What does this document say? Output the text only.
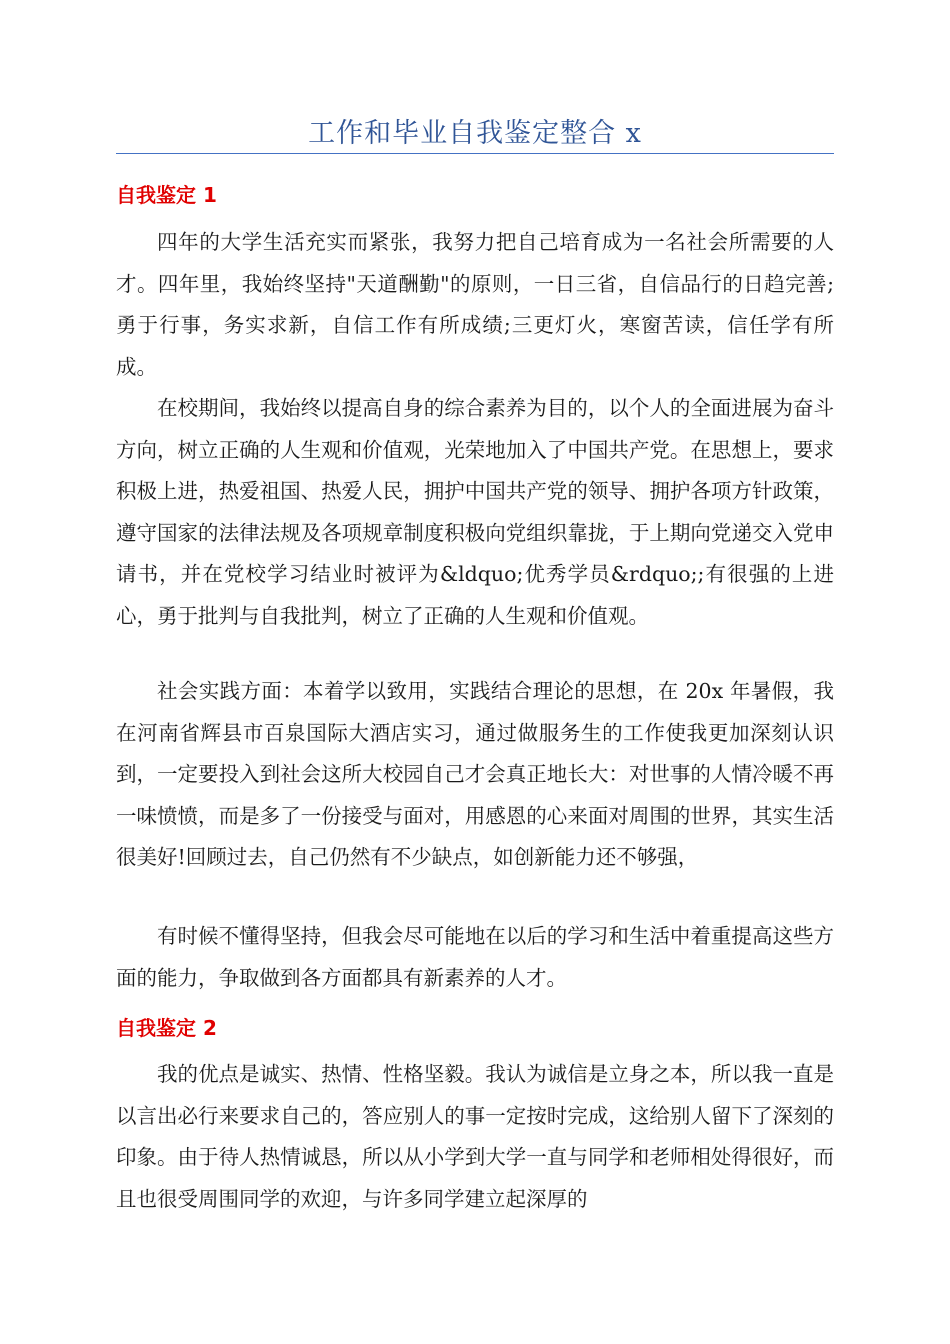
工作和毕业自我鉴定整合 x
自我鉴定 1

四年的大学生活充实而紧张，我努力把自己培育成为一名社会所需要的人才。四年里，我始终坚持"天道酬勤"的原则，一日三省，自信品行的日趋完善;勇于行事，务实求新，自信工作有所成绩;三更灯火，寒窗苦读，信任学有所成。

在校期间，我始终以提高自身的综合素养为目的，以个人的全面进展为奋斗方向，树立正确的人生观和价值观，光荣地加入了中国共产党。在思想上，要求积极上进，热爱祖国、热爱人民，拥护中国共产党的领导、拥护各项方针政策，遵守国家的法律法规及各项规章制度积极向党组织靠拢，于上期向党递交入党申请书，并在党校学习结业时被评为&ldquo;优秀学员&rdquo;;有很强的上进心，勇于批判与自我批判，树立了正确的人生观和价值观。

社会实践方面：本着学以致用，实践结合理论的思想，在 20x 年暑假，我在河南省辉县市百泉国际大酒店实习，通过做服务生的工作使我更加深刻认识到，一定要投入到社会这所大校园自己才会真正地长大：对世事的人情冷暖不再一味愤愤，而是多了一份接受与面对，用感恩的心来面对周围的世界，其实生活很美好!回顾过去，自己仍然有不少缺点，如创新能力还不够强，

有时候不懂得坚持，但我会尽可能地在以后的学习和生活中着重提高这些方面的能力，争取做到各方面都具有新素养的人才。

自我鉴定 2

我的优点是诚实、热情、性格坚毅。我认为诚信是立身之本，所以我一直是以言出必行来要求自己的，答应别人的事一定按时完成，这给别人留下了深刻的印象。由于待人热情诚恳，所以从小学到大学一直与同学和老师相处得很好，而且也很受周围同学的欢迎，与许多同学建立起深厚的
